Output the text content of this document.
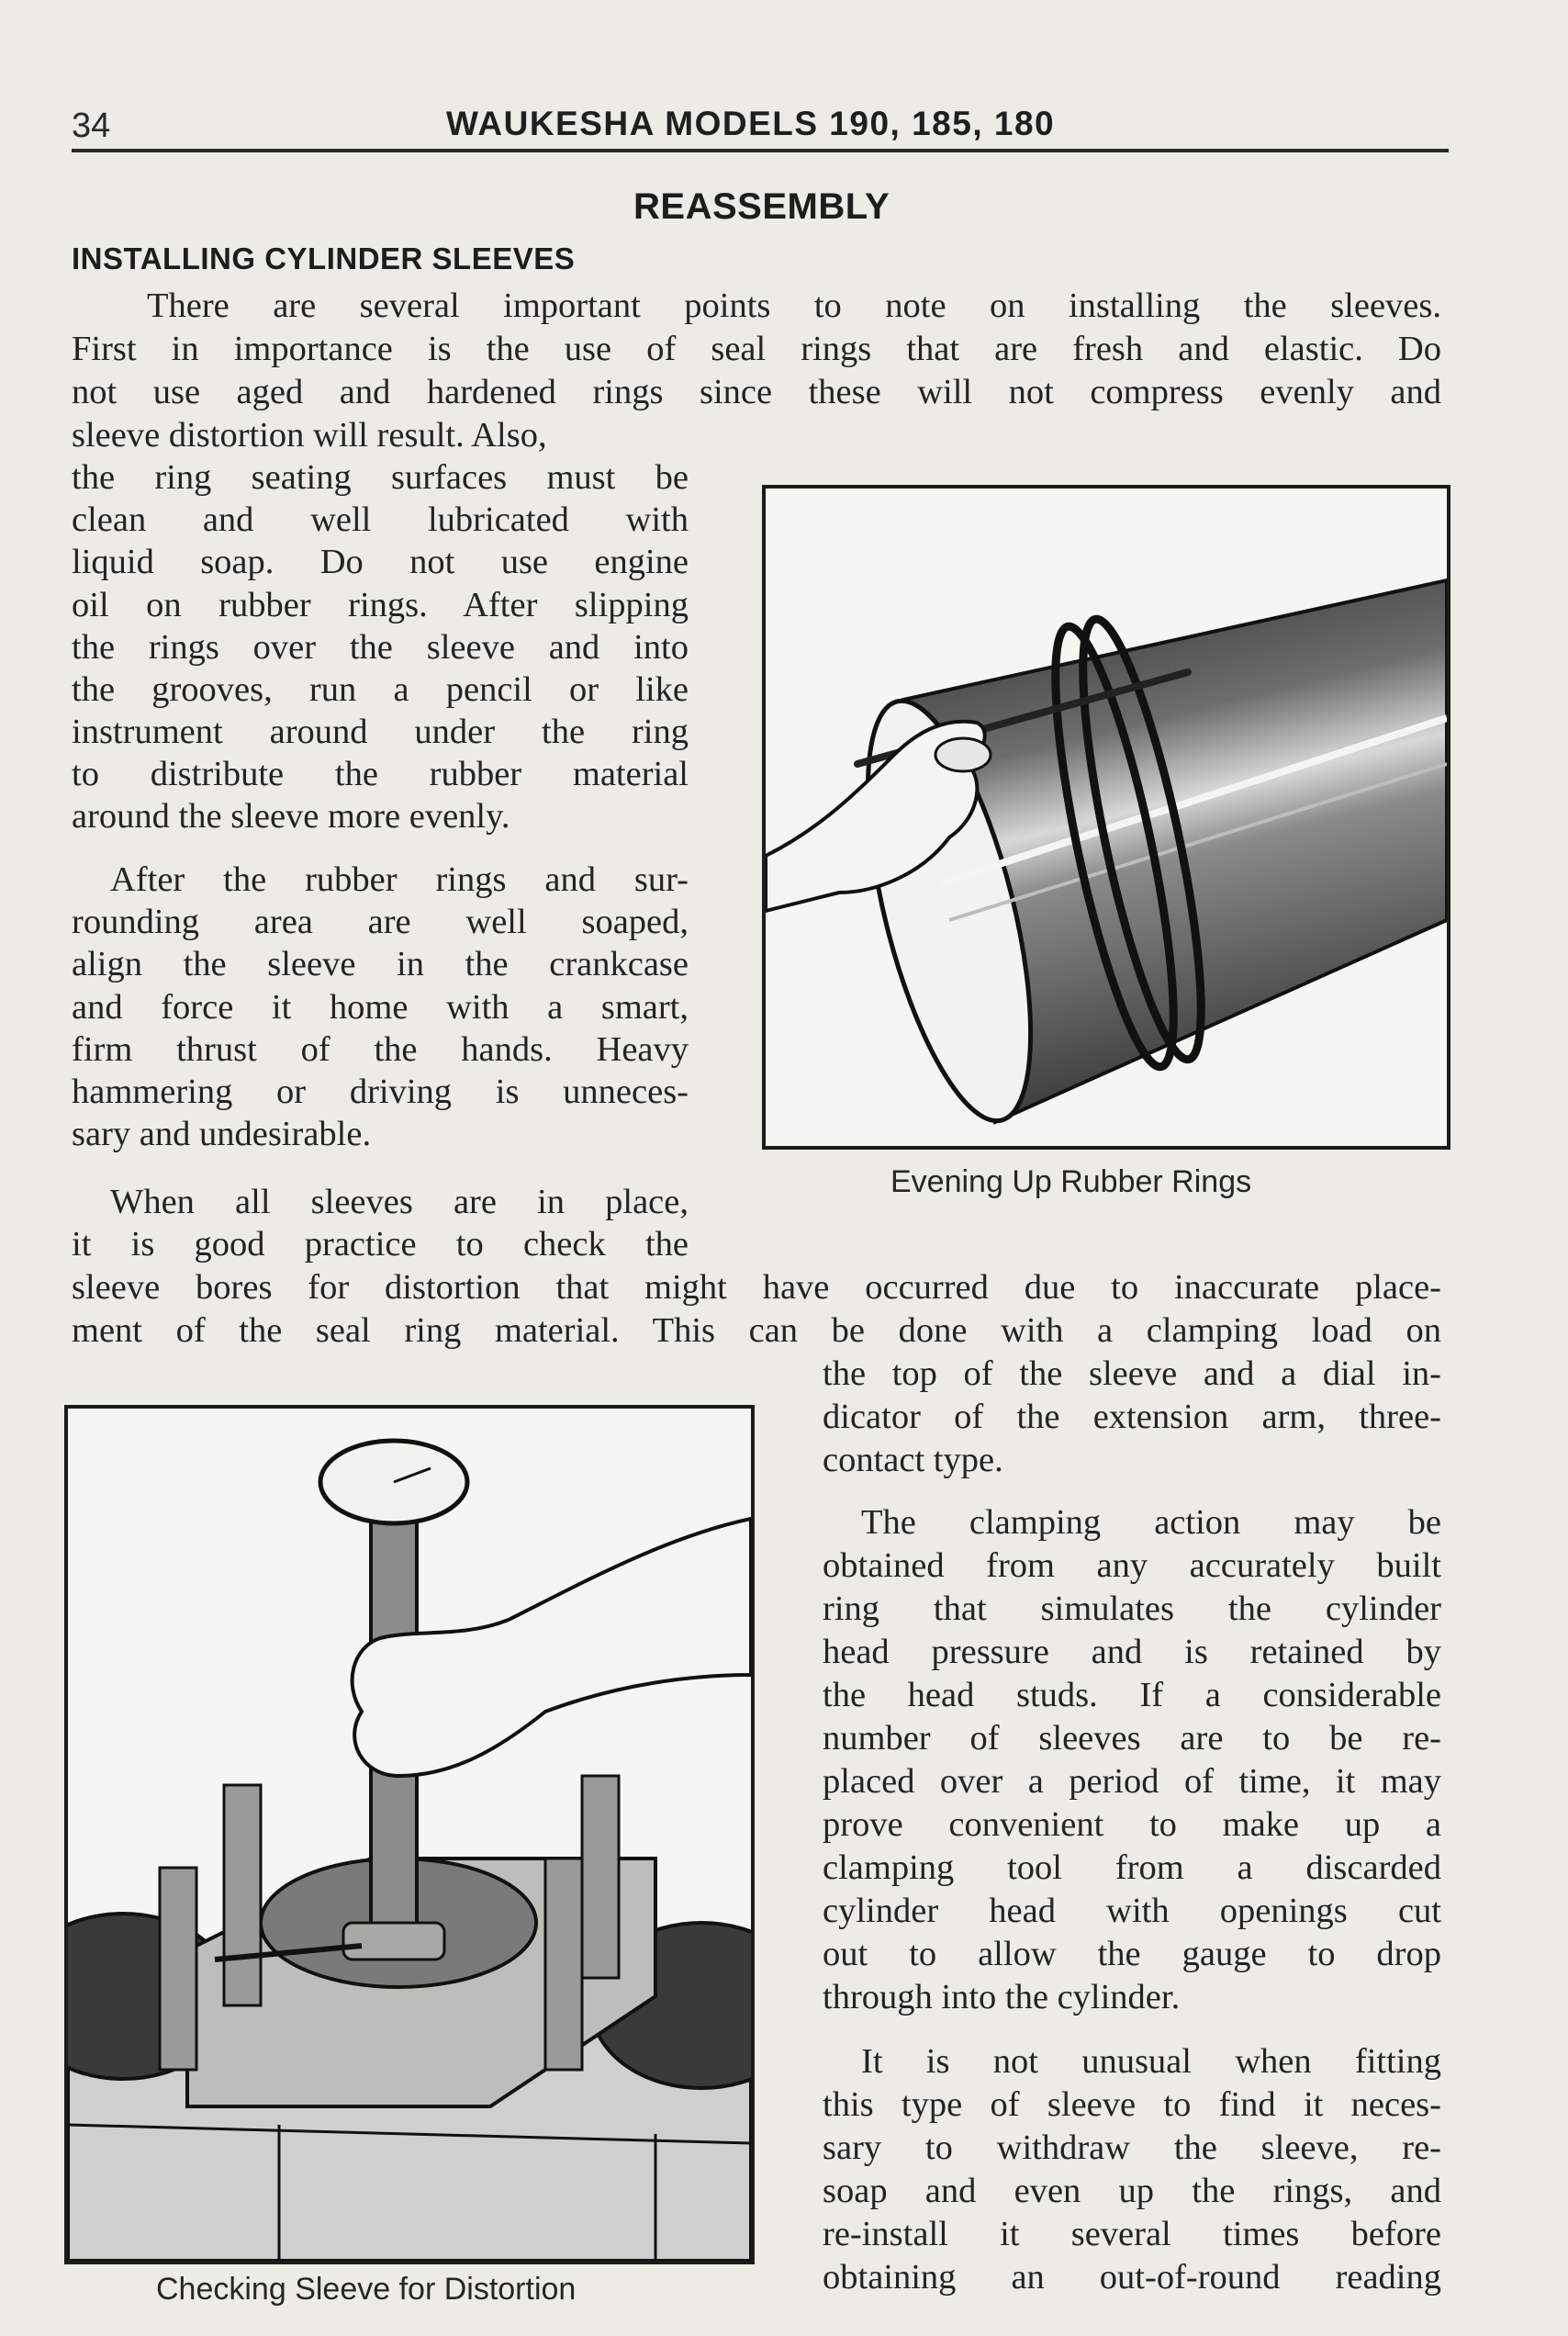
34	WAUKESHA MODELS 190, 185, 180
REASSEMBLY
INSTALLING CYLINDER SLEEVES
There are several important points to note on installing the sleeves.
First in importance is the use of seal rings that are fresh and elastic. Do
not use aged and hardened rings since these will not compress evenly and
sleeve distortion will result. Also,
the ring seating surfaces must be
clean and well lubricated with
liquid soap. Do not use engine
oil on rubber rings. After slipping
the rings over the sleeve and into
the grooves, run a pencil or like
instrument around under the ring
to distribute the rubber material
around the sleeve more evenly.
After the rubber rings and sur-
rounding area are well soaped,
align the sleeve in the crankcase
and force it home with a smart,
firm thrust of the hands. Heavy
hammering or driving is unneces-
sary and undesirable.
When all sleeves are in place,
it is good practice to check the
sleeve bores for distortion that might have occurred due to inaccurate place-
ment of the seal ring material. This can be done with a clamping load on
the top of the sleeve and a dial in-
dicator of the extension arm, three-
contact type.
The clamping action may be
obtained from any accurately built
ring that simulates the cylinder
head pressure and is retained by
the head studs. If a considerable
number of sleeves are to be re-
placed over a period of time, it may
prove convenient to make up a
clamping tool from a discarded
cylinder head with openings cut
out to allow the gauge to drop
through into the cylinder.
It is not unusual when fitting
this type of sleeve to find it neces-
sary to withdraw the sleeve, re-
soap and even up the rings, and
re-install it several times before
obtaining an out-of-round reading
Evening Up Rubber Rings
Checking Sleeve for Distortion
